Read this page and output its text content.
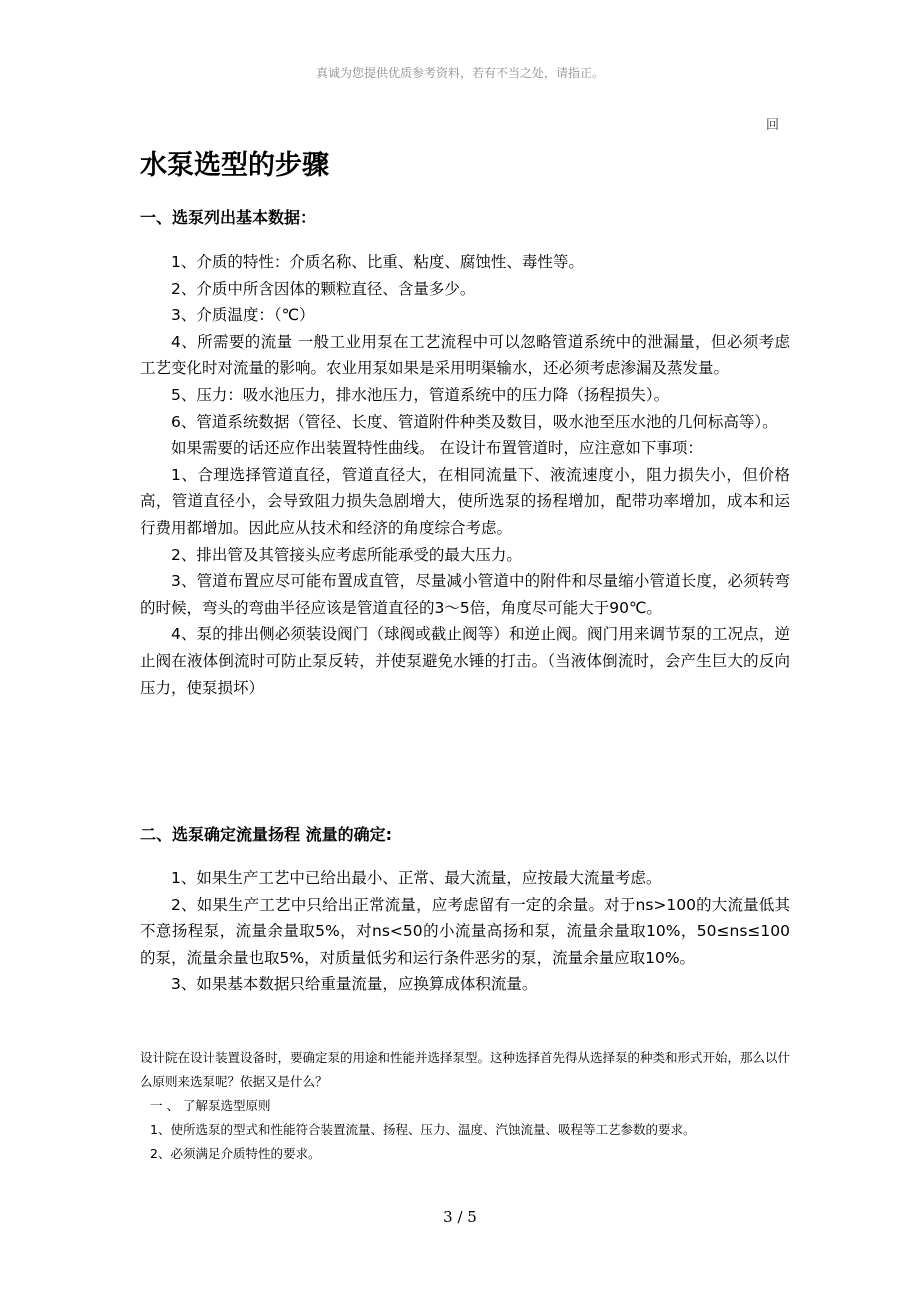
真诚为您提供优质参考资料，若有不当之处，请指正。
回
水泵选型的步骤
一、选泵列出基本数据：

1、介质的特性：介质名称、比重、粘度、腐蚀性、毒性等。

2、介质中所含因体的颗粒直径、含量多少。

3、介质温度：（℃）

4、所需要的流量 一般工业用泵在工艺流程中可以忽略管道系统中的泄漏量，但必须考虑工艺变化时对流量的影响。农业用泵如果是采用明渠输水，还必须考虑渗漏及蒸发量。

5、压力：吸水池压力，排水池压力，管道系统中的压力降（扬程损失）。

6、管道系统数据（管径、长度、管道附件种类及数目，吸水池至压水池的几何标高等）。

如果需要的话还应作出装置特性曲线。 在设计布置管道时，应注意如下事项：

1、合理选择管道直径，管道直径大，在相同流量下、液流速度小，阻力损失小，但价格高，管道直径小，会导致阻力损失急剧增大，使所选泵的扬程增加，配带功率增加，成本和运行费用都增加。因此应从技术和经济的角度综合考虑。

2、排出管及其管接头应考虑所能承受的最大压力。

3、管道布置应尽可能布置成直管，尽量减小管道中的附件和尽量缩小管道长度，必须转弯的时候，弯头的弯曲半径应该是管道直径的3～5倍，角度尽可能大于90℃。

4、泵的排出侧必须装设阀门（球阀或截止阀等）和逆止阀。阀门用来调节泵的工况点，逆止阀在液体倒流时可防止泵反转，并使泵避免水锤的打击。（当液体倒流时，会产生巨大的反向压力，使泵损坏）

二、选泵确定流量扬程 流量的确定:

1、如果生产工艺中已给出最小、正常、最大流量，应按最大流量考虑。

2、如果生产工艺中只给出正常流量，应考虑留有一定的余量。对于ns>100的大流量低其不意扬程泵，流量余量取5%，对ns<50的小流量高扬和泵，流量余量取10%，50≤ns≤100的泵，流量余量也取5%，对质量低劣和运行条件恶劣的泵，流量余量应取10%。

3、如果基本数据只给重量流量，应换算成体积流量。

设计院在设计装置设备时，要确定泵的用途和性能并选择泵型。这种选择首先得从选择泵的种类和形式开始，那么以什么原则来选泵呢？依据又是什么？

一 、 了解泵选型原则

1、使所选泵的型式和性能符合装置流量、扬程、压力、温度、汽蚀流量、吸程等工艺参数的要求。

2、必须满足介质特性的要求。

3 / 5
